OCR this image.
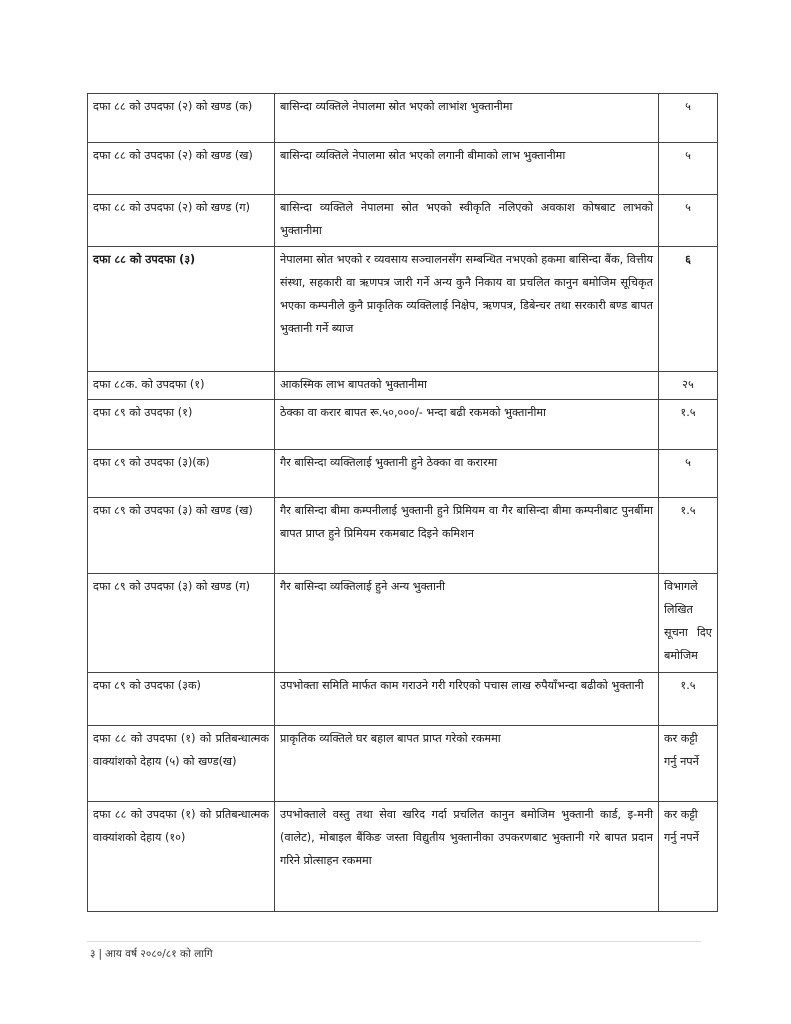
दफा ८८ को उपदफा (२) को खण्ड (क)	बासिन्दा व्यक्तिले नेपालमा स्रोत भएको लाभांश भुक्तानीमा	५
दफा ८८ को उपदफा (२) को खण्ड (ख)	बासिन्दा व्यक्तिले नेपालमा स्रोत भएको लगानी बीमाको लाभ भुक्तानीमा	५
दफा ८८ को उपदफा (२) को खण्ड (ग)	बासिन्दा व्यक्तिले नेपालमा स्रोत भएको स्वीकृति नलिएको अवकाश कोषबाट लाभको भुक्तानीमा	५
दफा ८८ को उपदफा (३)	नेपालमा स्रोत भएको र व्यवसाय सञ्चालनसँग सम्बन्धित नभएको हकमा बासिन्दा बैंक, वित्तीय संस्था, सहकारी वा ऋणपत्र जारी गर्ने अन्य कुनै निकाय वा प्रचलित कानुन बमोजिम सूचिकृत भएका कम्पनीले कुनै प्राकृतिक व्यक्तिलाई निक्षेप, ऋणपत्र, डिबेन्चर तथा सरकारी बण्ड बापत भुक्तानी गर्ने ब्याज	६
दफा ८८क. को उपदफा (१)	आकस्मिक लाभ बापतको भुक्तानीमा	२५
दफा ८९ को उपदफा (१)	ठेक्का वा करार बापत रू.५०,०००/- भन्दा बढी रकमको भुक्तानीमा	१.५
दफा ८९ को उपदफा (३)(क)	गैर बासिन्दा व्यक्तिलाई भुक्तानी हुने ठेक्का वा करारमा	५
दफा ८९ को उपदफा (३) को खण्ड (ख)	गैर बासिन्दा बीमा कम्पनीलाई भुक्तानी हुने प्रिमियम वा गैर बासिन्दा बीमा कम्पनीबाट पुनर्बीमा बापत प्राप्त हुने प्रिमियम रकमबाट दिइने कमिशन	१.५
दफा ८९ को उपदफा (३) को खण्ड (ग)	गैर बासिन्दा व्यक्तिलाई हुने अन्य भुक्तानी	विभागले लिखित सूचना दिए बमोजिम
दफा ८९ को उपदफा (३क)	उपभोक्ता समिति मार्फत काम गराउने गरी गरिएको पचास लाख रुपैयाँभन्दा बढीको भुक्तानी	१.५
दफा ८८ को उपदफा (१) को प्रतिबन्धात्मक वाक्यांशको देहाय (५) को खण्ड(ख)	प्राकृतिक व्यक्तिले घर बहाल बापत प्राप्त गरेको रकममा	कर कट्टी गर्नु नपर्ने
दफा ८८ को उपदफा (१) को प्रतिबन्धात्मक वाक्यांशको देहाय (१०)	उपभोक्ताले वस्तु तथा सेवा खरिद गर्दा प्रचलित कानुन बमोजिम भुक्तानी कार्ड, इ-मनी (वालेट), मोबाइल बैंकिङ जस्ता विद्युतीय भुक्तानीका उपकरणबाट भुक्तानी गरे बापत प्रदान गरिने प्रोत्साहन रकममा	कर कट्टी गर्नु नपर्ने
३ | आय वर्ष २०८०/८१ को लागि
